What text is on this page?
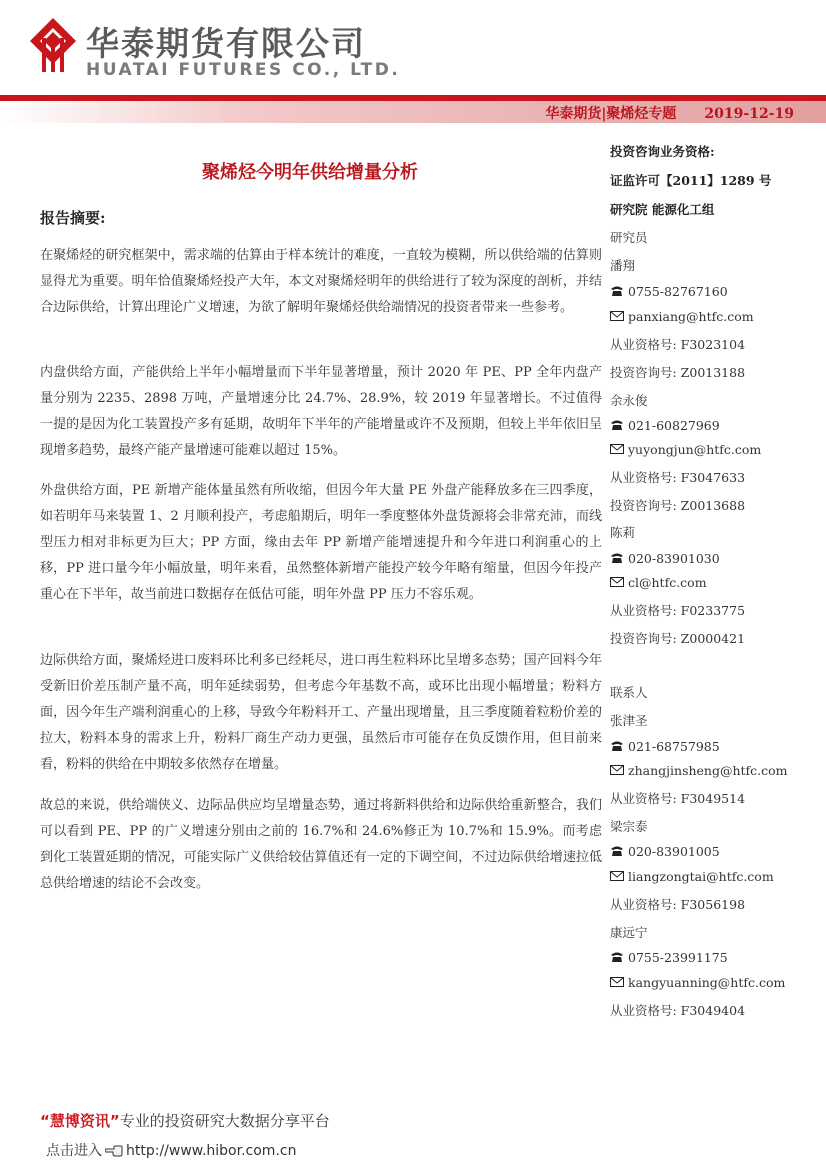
华泰期货有限公司
HUATAI FUTURES CO., LTD.
华泰期货|聚烯烃专题　　2019-12-19
聚烯烃今明年供给增量分析
报告摘要:

在聚烯烃的研究框架中，需求端的估算由于样本统计的难度，一直较为模糊，所以供给端的估算则显得尤为重要。明年恰值聚烯烃投产大年，本文对聚烯烃明年的供给进行了较为深度的剖析，并结合边际供给，计算出理论广义增速，为欲了解明年聚烯烃供给端情况的投资者带来一些参考。

内盘供给方面，产能供给上半年小幅增量而下半年显著增量，预计 2020 年 PE、PP 全年内盘产量分别为 2235、2898 万吨，产量增速分比 24.7%、28.9%，较 2019 年显著增长。不过值得一提的是因为化工装置投产多有延期，故明年下半年的产能增量或许不及预期，但较上半年依旧呈现增多趋势，最终产能产量增速可能难以超过 15%。

外盘供给方面，PE 新增产能体量虽然有所收缩，但因今年大量 PE 外盘产能释放多在三四季度，如若明年马来装置 1、2 月顺利投产，考虑船期后，明年一季度整体外盘货源将会非常充沛，而线型压力相对非标更为巨大；PP 方面，缘由去年 PP 新增产能增速提升和今年进口利润重心的上移，PP 进口量今年小幅放量，明年来看，虽然整体新增产能投产较今年略有缩量，但因今年投产重心在下半年，故当前进口数据存在低估可能，明年外盘 PP 压力不容乐观。

边际供给方面，聚烯烃进口废料环比利多已经耗尽，进口再生粒料环比呈增多态势；国产回料今年受新旧价差压制产量不高，明年延续弱势，但考虑今年基数不高，或环比出现小幅增量；粉料方面，因今年生产端利润重心的上移，导致今年粉料开工、产量出现增量，且三季度随着粒粉价差的拉大，粉料本身的需求上升，粉料厂商生产动力更强，虽然后市可能存在负反馈作用，但目前来看，粉料的供给在中期较多依然存在增量。

故总的来说，供给端侠义、边际品供应均呈增量态势，通过将新料供给和边际供给重新整合，我们可以看到 PE、PP 的广义增速分别由之前的 16.7%和 24.6%修正为 10.7%和 15.9%。而考虑到化工装置延期的情况，可能实际广义供给较估算值还有一定的下调空间，不过边际供给增速拉低总供给增速的结论不会改变。

投资咨询业务资格:
证监许可【2011】1289 号
研究院 能源化工组
研究员
潘翔
0755-82767160
panxiang@htfc.com
从业资格号: F3023104
投资咨询号: Z0013188
余永俊
021-60827969
yuyongjun@htfc.com
从业资格号: F3047633
投资咨询号: Z0013688
陈莉
020-83901030
cl@htfc.com
从业资格号: F0233775
投资咨询号: Z0000421
联系人
张津圣
021-68757985
zhangjinsheng@htfc.com
从业资格号: F3049514
梁宗泰
020-83901005
liangzongtai@htfc.com
从业资格号: F3056198
康远宁
0755-23991175
kangyuanning@htfc.com
从业资格号: F3049404
“慧博资讯”专业的投资研究大数据分享平台
点击进入 http://www.hibor.com.cn
